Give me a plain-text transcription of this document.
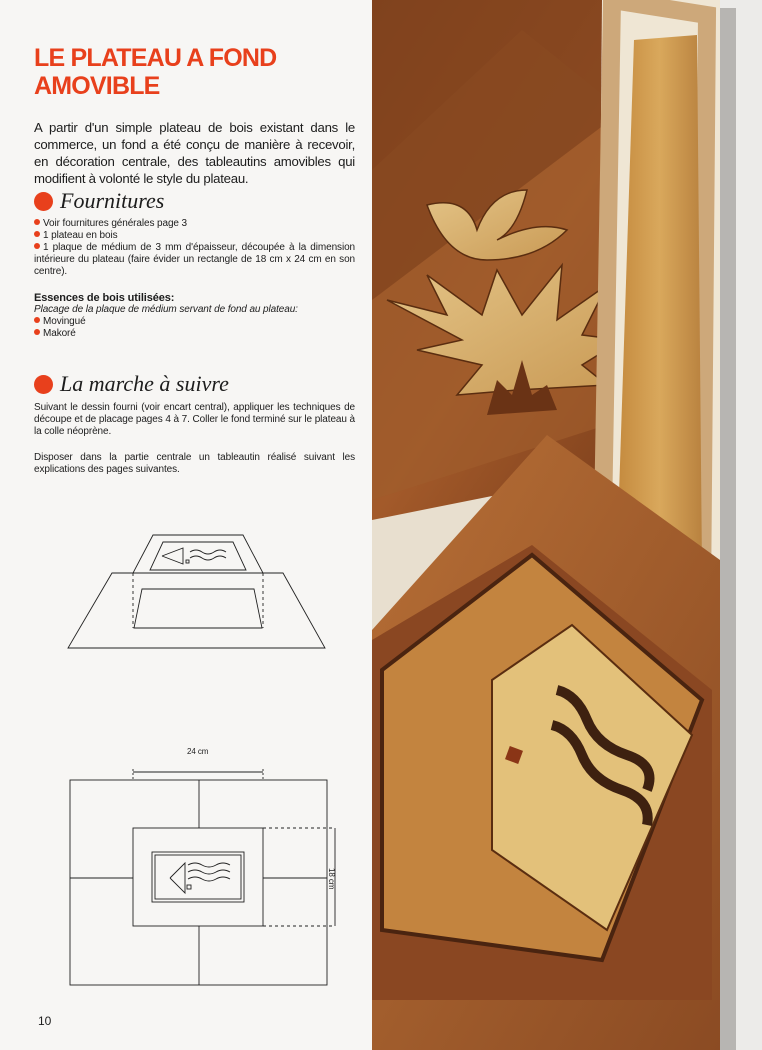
LE PLATEAU A FOND AMOVIBLE
A partir d'un simple plateau de bois existant dans le commerce, un fond a été conçu de manière à recevoir, en décoration centrale, des tableautins amovibles qui modifient à volonté le style du plateau.
Fournitures
Voir fournitures générales page 3
1 plateau en bois
1 plaque de médium de 3 mm d'épaisseur, découpée à la dimension intérieure du plateau (faire évider un rectangle de 18 cm x 24 cm en son centre).
Essences de bois utilisées:
Placage de la plaque de médium servant de fond au plateau:
Movingué
Makoré
La marche à suivre
Suivant le dessin fourni (voir encart central), appliquer les techniques de découpe et de placage pages 4 à 7. Coller le fond terminé sur le plateau à la colle néoprène.
Disposer dans la partie centrale un tableautin réalisé suivant les explications des pages suivantes.
24 cm
18 cm
10
